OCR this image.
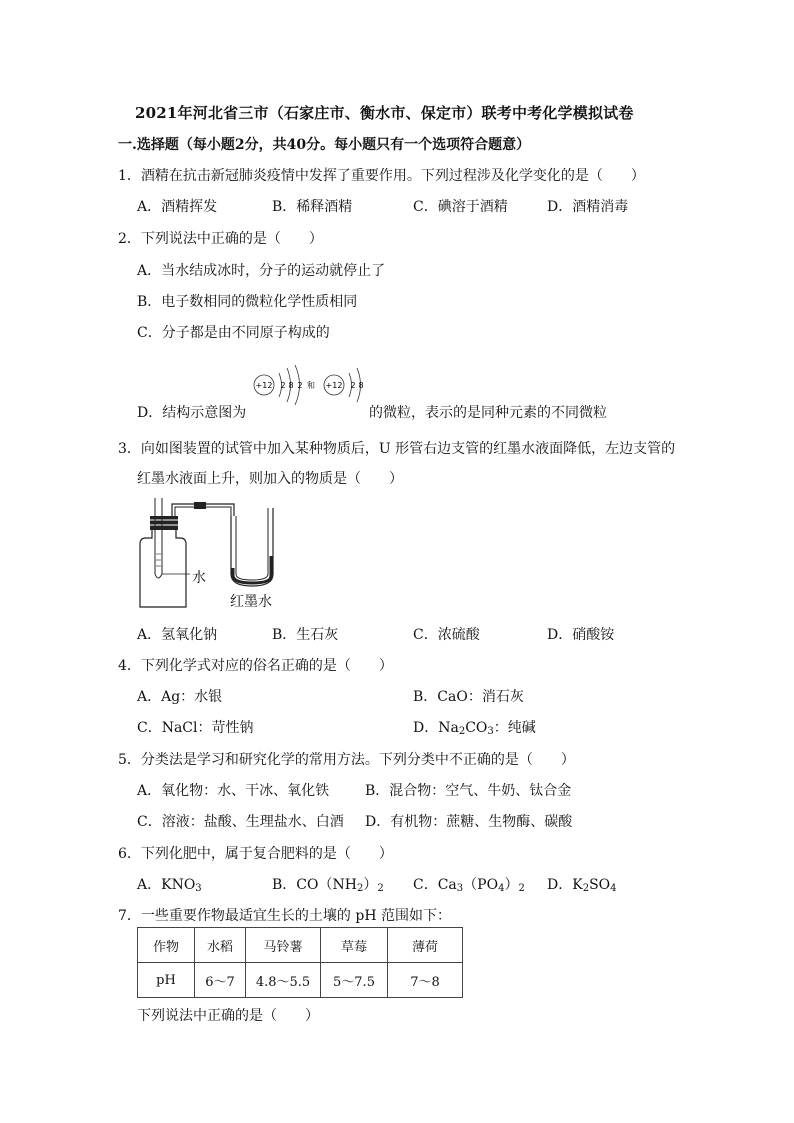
2021年河北省三市（石家庄市、衡水市、保定市）联考中考化学模拟试卷
一.选择题（每小题2分，共40分。每小题只有一个选项符合题意）
1．酒精在抗击新冠肺炎疫情中发挥了重要作用。下列过程涉及化学变化的是（　　）
A．酒精挥发	B．稀释酒精	C．碘溶于酒精	D．酒精消毒
2．下列说法中正确的是（　　）
A．当水结成冰时，分子的运动就停止了
B．电子数相同的微粒化学性质相同
C．分子都是由不同原子构成的
D．结构示意图为	的微粒，表示的是同种元素的不同微粒
+12 2 8 2 和 +12 2 8
3．向如图装置的试管中加入某种物质后，U 形管右边支管的红墨水液面降低，左边支管的
红墨水液面上升，则加入的物质是（　　）
水
红墨水
A．氢氧化钠	B．生石灰	C．浓硫酸	D．硝酸铵
4．下列化学式对应的俗名正确的是（　　）
A．Ag：水银	B．CaO：消石灰
C．NaCl：苛性钠	D．$Na_2CO_3$：纯碱
5．分类法是学习和研究化学的常用方法。下列分类中不正确的是（　　）
A．氧化物：水、干冰、氧化铁	B．混合物：空气、牛奶、钛合金
C．溶液：盐酸、生理盐水、白酒 D．有机物：蔗糖、生物酶、碳酸
6．下列化肥中，属于复合肥料的是（　　）
A．$KNO_3$	B．$CO(NH_2)_2$ C．$Ca_3(PO_4)_2$ D．$K_2SO_4$
7．一些重要作物最适宜生长的土壤的 pH 范围如下：
作物	水稻	马铃薯	草莓	薄荷
pH	6～7	4.8～5.5	5～7.5	7～8
下列说法中正确的是（　　）
